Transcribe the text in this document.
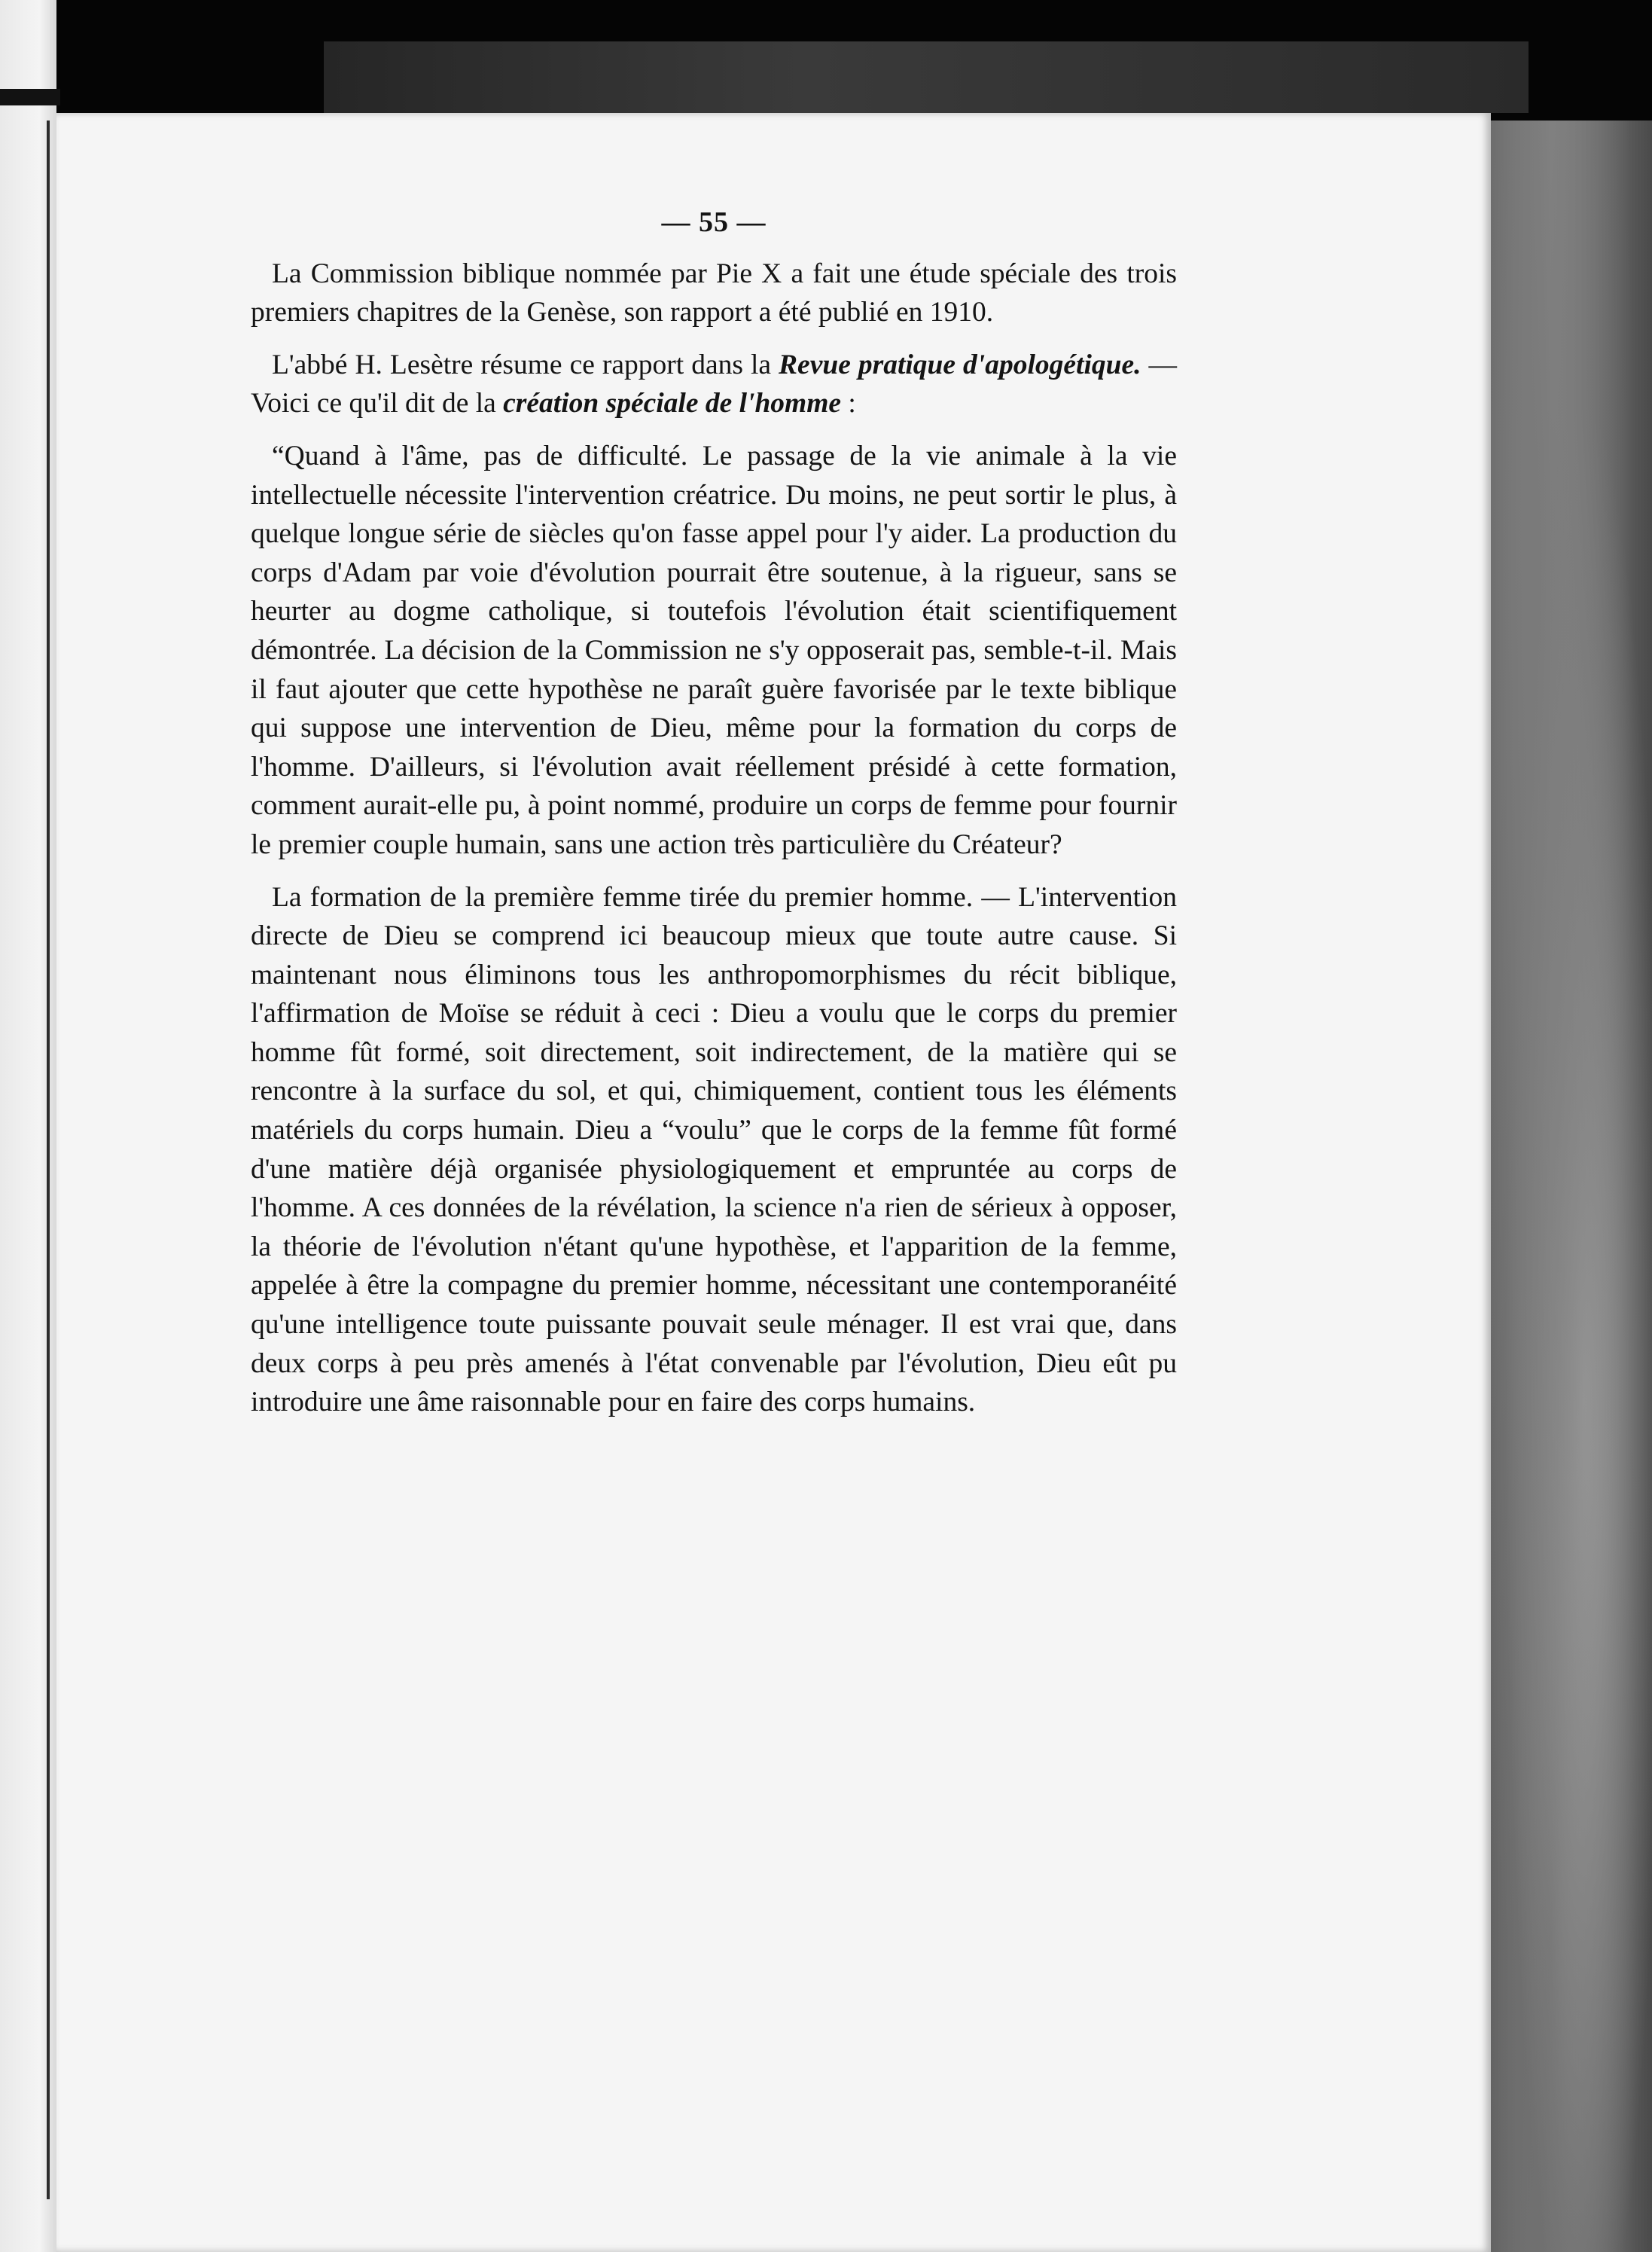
— 55 —

La Commission biblique nommée par Pie X a fait une étude spéciale des trois premiers chapitres de la Genèse, son rapport a été publié en 1910.

L'abbé H. Lesètre résume ce rapport dans la Revue pratique d'apologétique. — Voici ce qu'il dit de la création spéciale de l'homme :

“Quand à l'âme, pas de difficulté. Le passage de la vie animale à la vie intellectuelle nécessite l'intervention créatrice. Du moins, ne peut sortir le plus, à quelque longue série de siècles qu'on fasse appel pour l'y aider. La production du corps d'Adam par voie d'évolution pourrait être soutenue, à la rigueur, sans se heurter au dogme catholique, si toutefois l'évolution était scientifiquement démontrée. La décision de la Commission ne s'y opposerait pas, semble-t-il. Mais il faut ajouter que cette hypothèse ne paraît guère favorisée par le texte biblique qui suppose une intervention de Dieu, même pour la formation du corps de l'homme. D'ailleurs, si l'évolution avait réellement présidé à cette formation, comment aurait-elle pu, à point nommé, produire un corps de femme pour fournir le premier couple humain, sans une action très particulière du Créateur?

La formation de la première femme tirée du premier homme. — L'intervention directe de Dieu se comprend ici beaucoup mieux que toute autre cause. Si maintenant nous éliminons tous les anthropomorphismes du récit biblique, l'affirmation de Moïse se réduit à ceci : Dieu a voulu que le corps du premier homme fût formé, soit directement, soit indirectement, de la matière qui se rencontre à la surface du sol, et qui, chimiquement, contient tous les éléments matériels du corps humain. Dieu a “voulu” que le corps de la femme fût formé d'une matière déjà organisée physiologiquement et empruntée au corps de l'homme. A ces données de la révélation, la science n'a rien de sérieux à opposer, la théorie de l'évolution n'étant qu'une hypothèse, et l'apparition de la femme, appelée à être la compagne du premier homme, nécessitant une contemporanéité qu'une intelligence toute puissante pouvait seule ménager. Il est vrai que, dans deux corps à peu près amenés à l'état convenable par l'évolution, Dieu eût pu introduire une âme raisonnable pour en faire des corps humains.
